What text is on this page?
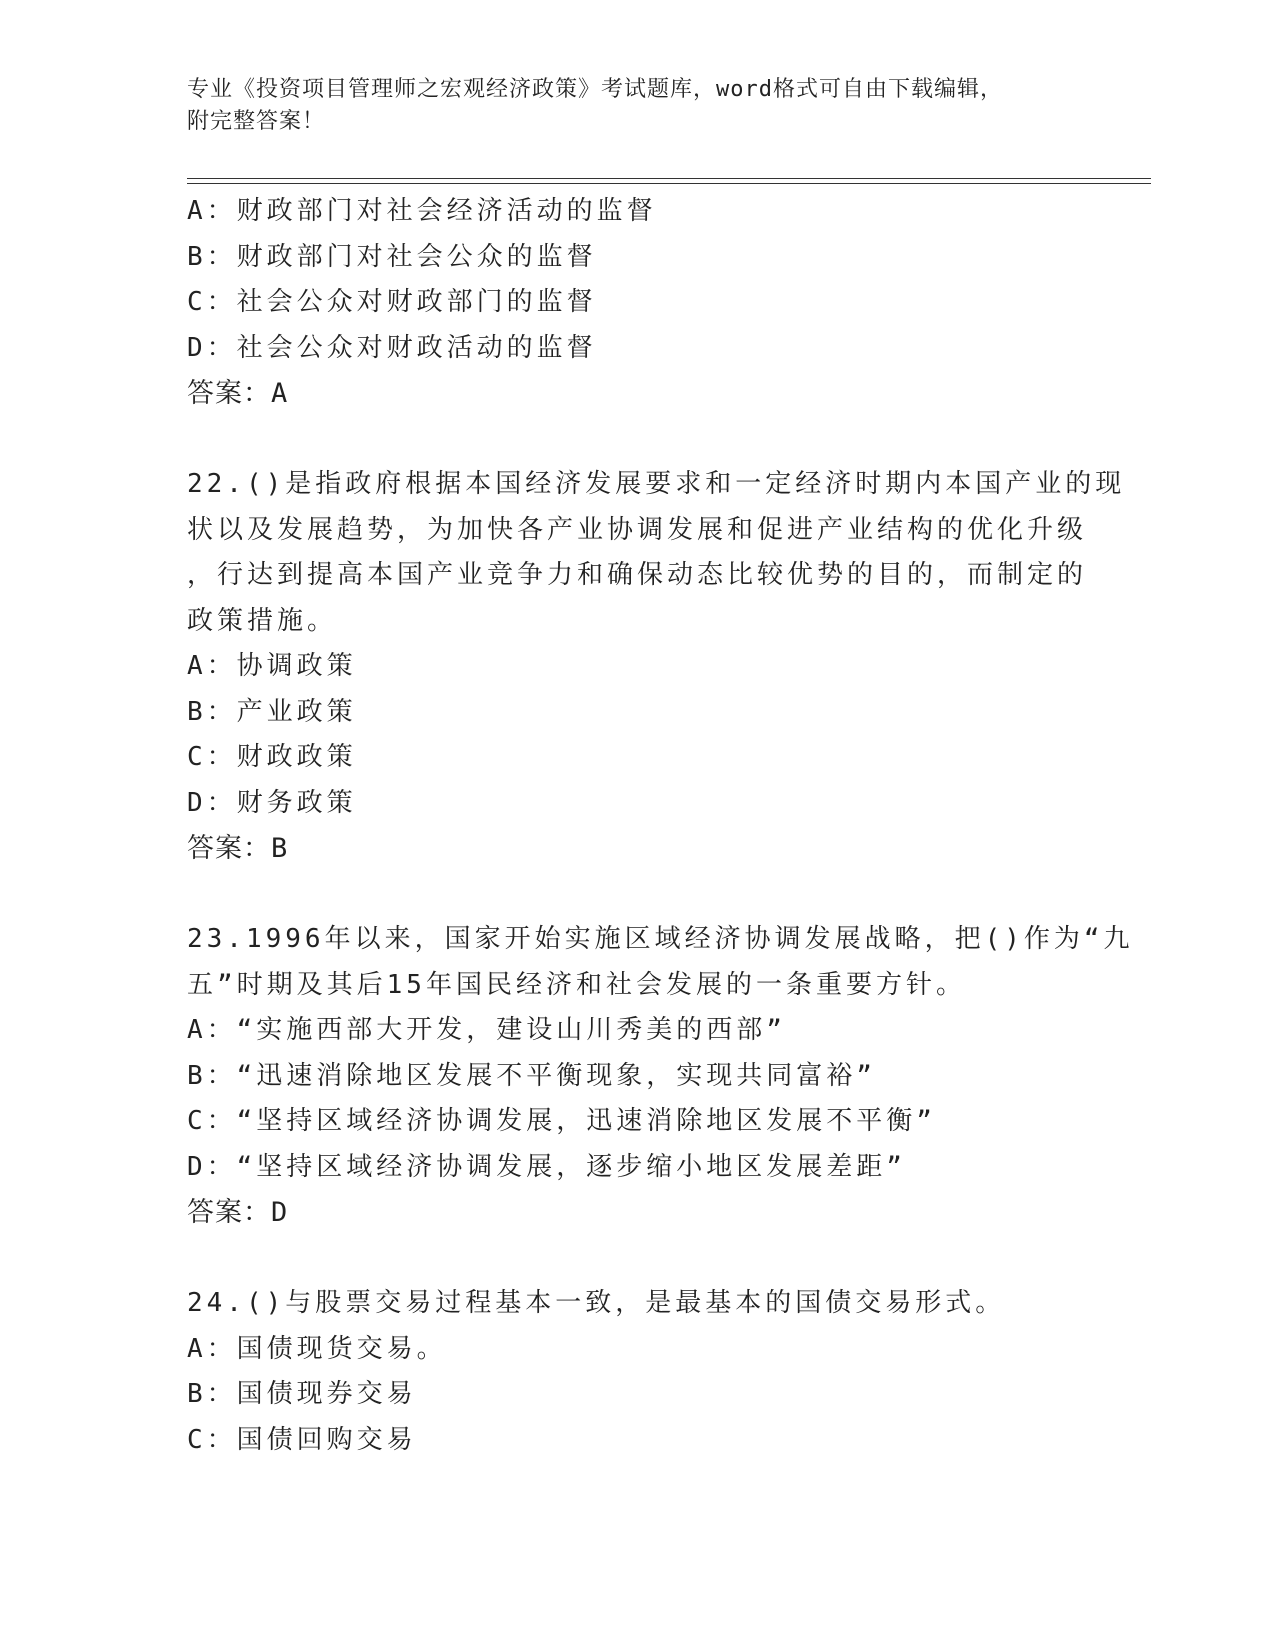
专业《投资项目管理师之宏观经济政策》考试题库，word格式可自由下载编辑，
附完整答案！
A：财政部门对社会经济活动的监督
B：财政部门对社会公众的监督
C：社会公众对财政部门的监督
D：社会公众对财政活动的监督
答案：A
22.()是指政府根据本国经济发展要求和一定经济时期内本国产业的现
状以及发展趋势，为加快各产业协调发展和促进产业结构的优化升级
，行达到提高本国产业竞争力和确保动态比较优势的目的，而制定的
政策措施。
A：协调政策
B：产业政策
C：财政政策
D：财务政策
答案：B
23.1996年以来，国家开始实施区域经济协调发展战略，把()作为“九
五”时期及其后15年国民经济和社会发展的一条重要方针。
A：“实施西部大开发，建设山川秀美的西部”
B：“迅速消除地区发展不平衡现象，实现共同富裕”
C：“坚持区域经济协调发展，迅速消除地区发展不平衡”
D：“坚持区域经济协调发展，逐步缩小地区发展差距”
答案：D
24.()与股票交易过程基本一致，是最基本的国债交易形式。
A：国债现货交易。
B：国债现券交易
C：国债回购交易
